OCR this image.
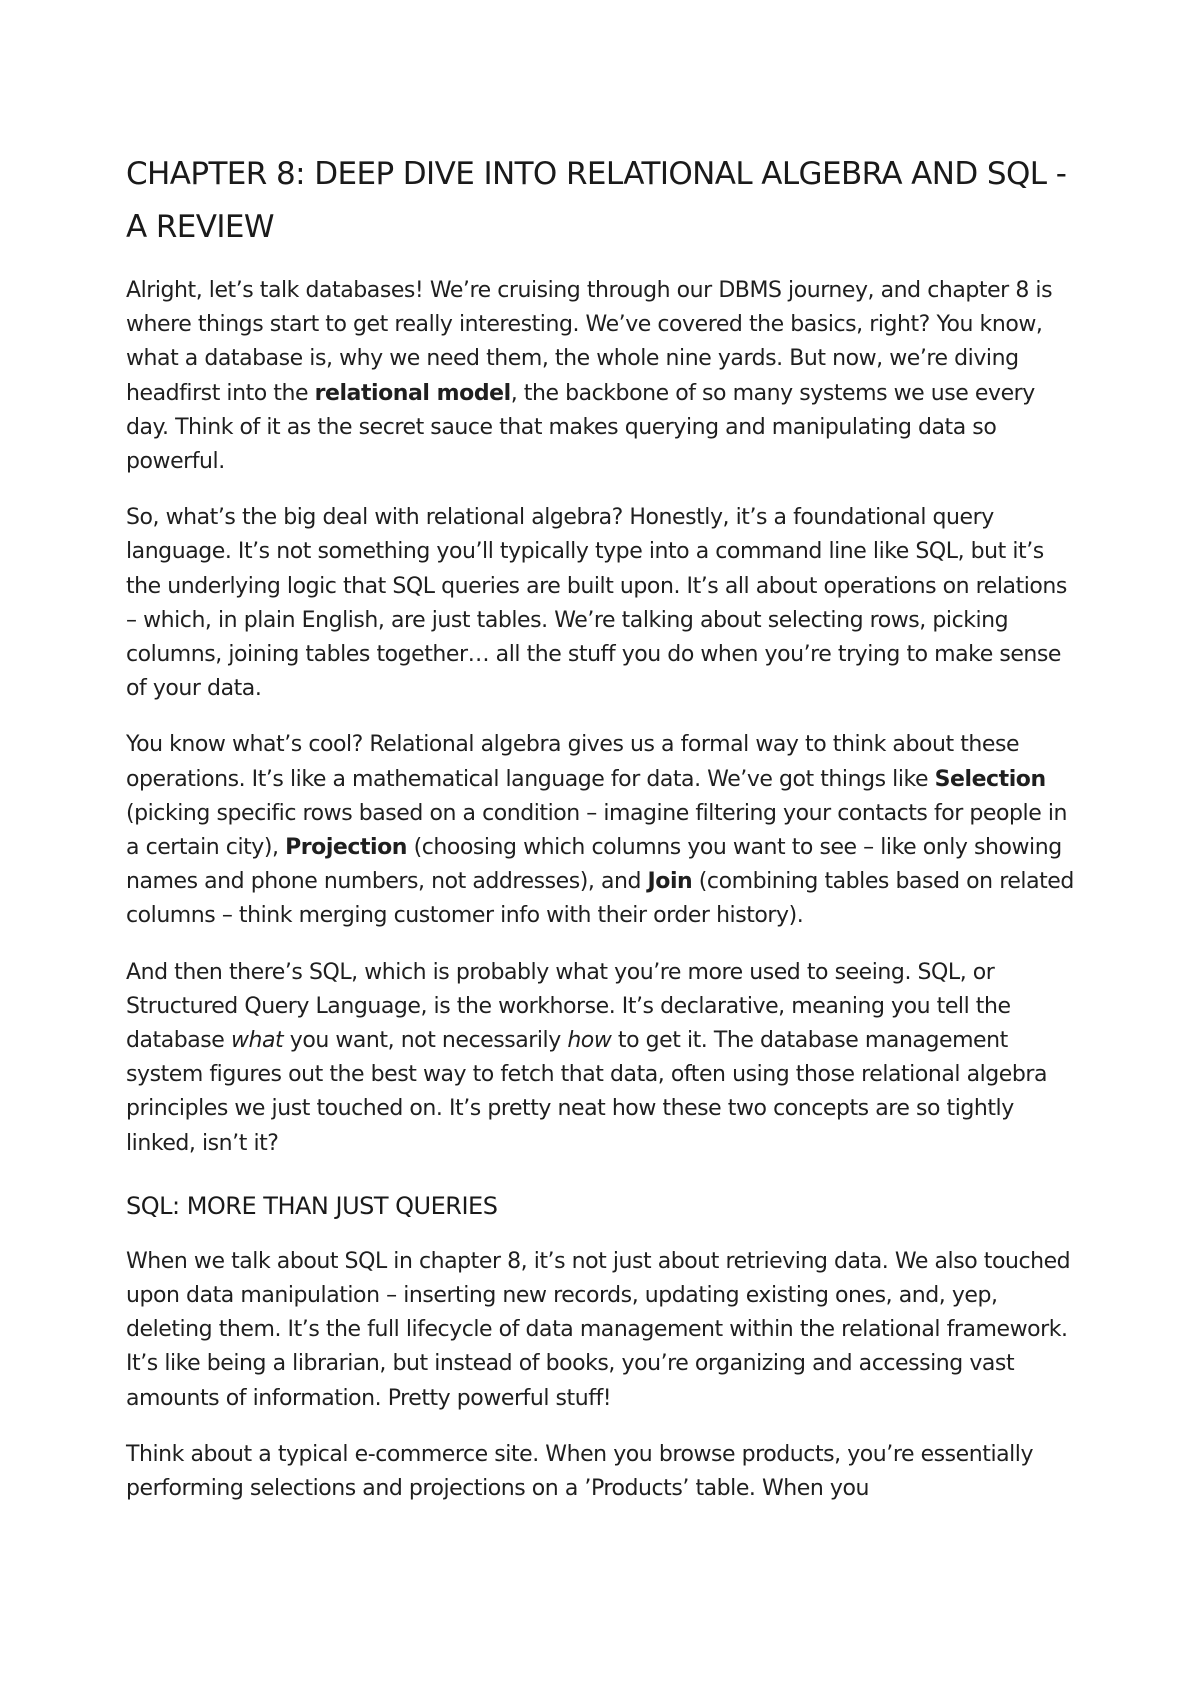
CHAPTER 8: DEEP DIVE INTO RELATIONAL ALGEBRA AND SQL - A REVIEW

Alright, let’s talk databases! We’re cruising through our DBMS journey, and chapter 8 is where things start to get really interesting. We’ve covered the basics, right? You know, what a database is, why we need them, the whole nine yards. But now, we’re diving headfirst into the relational model, the backbone of so many systems we use every day. Think of it as the secret sauce that makes querying and manipulating data so powerful.

So, what’s the big deal with relational algebra? Honestly, it’s a foundational query language. It’s not something you’ll typically type into a command line like SQL, but it’s the underlying logic that SQL queries are built upon. It’s all about operations on relations – which, in plain English, are just tables. We’re talking about selecting rows, picking columns, joining tables together… all the stuff you do when you’re trying to make sense of your data.

You know what’s cool? Relational algebra gives us a formal way to think about these operations. It’s like a mathematical language for data. We’ve got things like Selection (picking specific rows based on a condition – imagine filtering your contacts for people in a certain city), Projection (choosing which columns you want to see – like only showing names and phone numbers, not addresses), and Join (combining tables based on related columns – think merging customer info with their order history).

And then there’s SQL, which is probably what you’re more used to seeing. SQL, or Structured Query Language, is the workhorse. It’s declarative, meaning you tell the database what you want, not necessarily how to get it. The database management system figures out the best way to fetch that data, often using those relational algebra principles we just touched on. It’s pretty neat how these two concepts are so tightly linked, isn’t it?

SQL: MORE THAN JUST QUERIES

When we talk about SQL in chapter 8, it’s not just about retrieving data. We also touched upon data manipulation – inserting new records, updating existing ones, and, yep, deleting them. It’s the full lifecycle of data management within the relational framework. It’s like being a librarian, but instead of books, you’re organizing and accessing vast amounts of information. Pretty powerful stuff!

Think about a typical e-commerce site. When you browse products, you’re essentially performing selections and projections on a ’Products’ table. When you
